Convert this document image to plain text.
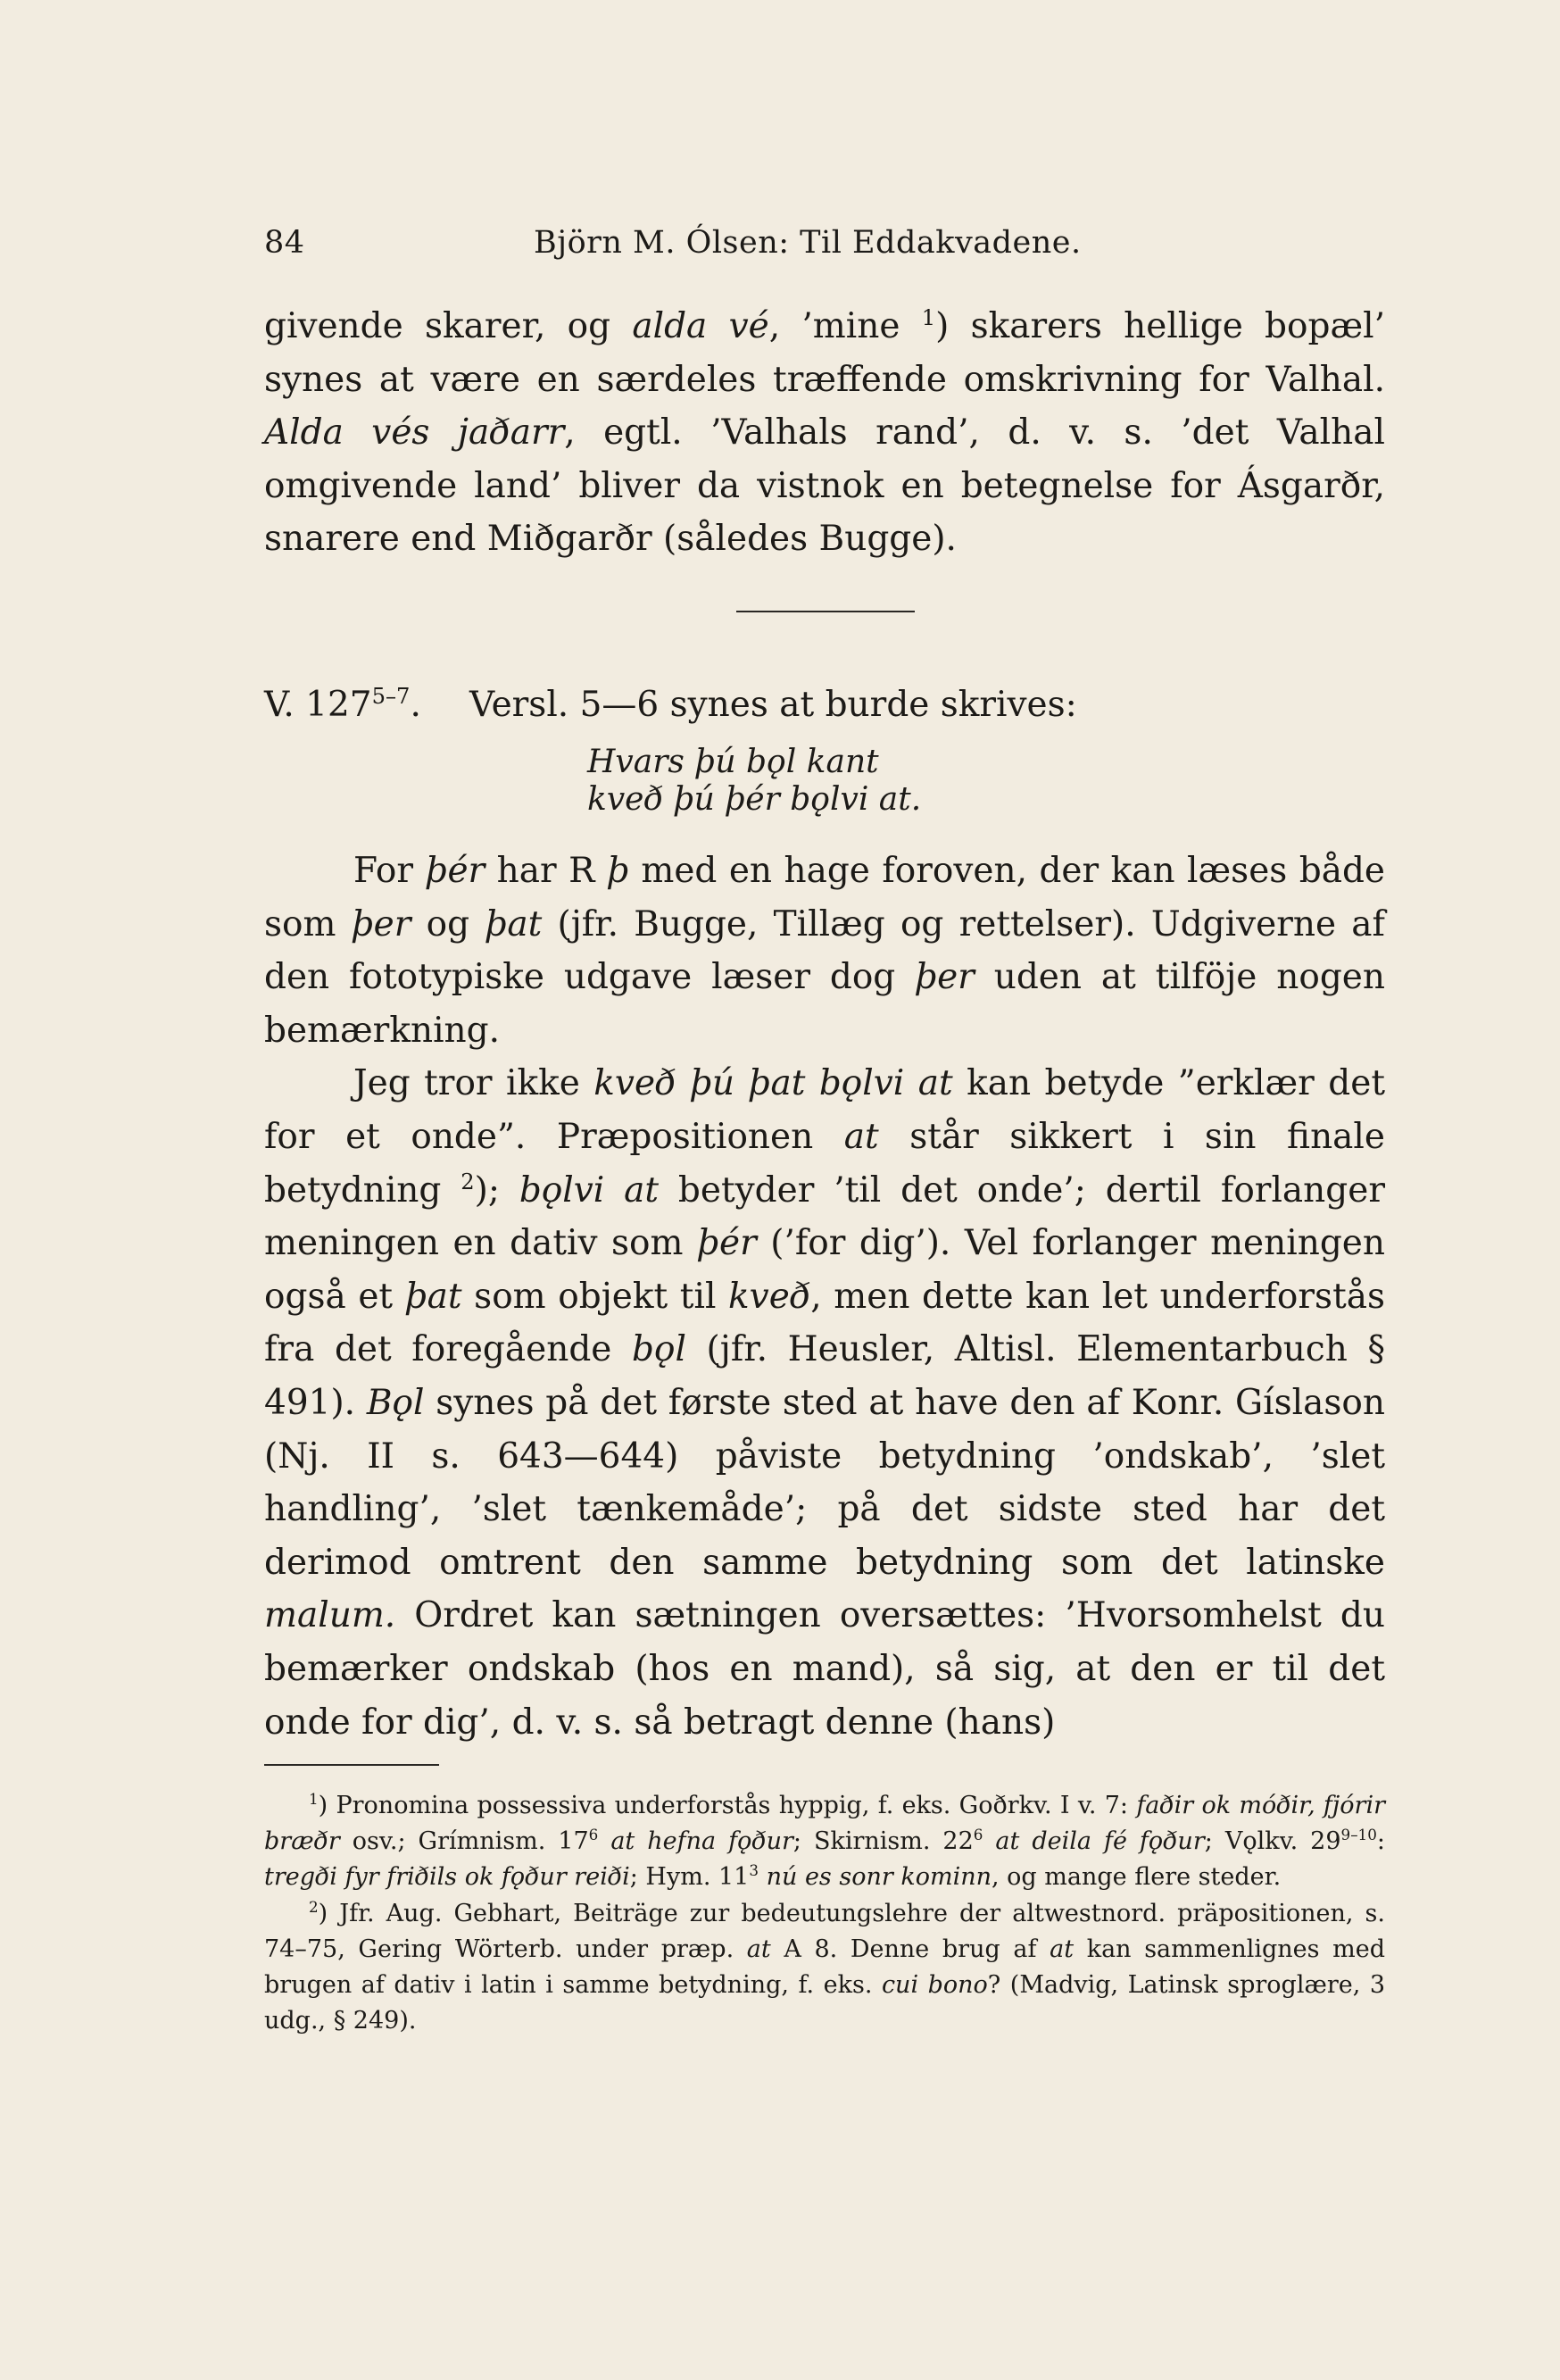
84	Björn M. Ólsen: Til Eddakvadene.

givende skarer, og alda vé, ’mine $^1$) skarers hellige bopæl’ synes at være en særdeles træffende omskrivning for Valhal. Alda vés jaðarr, egtl. ’Valhals rand’, d. v. s. ’det Valhal omgivende land’ bliver da vistnok en betegnelse for Ásgarðr, snarere end Miðgarðr (således Bugge).

V. 127$^{5-7}$. Versl. 5—6 synes at burde skrives:
Hvars þú bǫl kant
kveð þú þér bǫlvi at.

For þér har R þ med en hage foroven, der kan læses både som þer og þat (jfr. Bugge, Tillæg og rettelser). Udgiverne af den fototypiske udgave læser dog þer uden at tilföje nogen bemærkning.

Jeg tror ikke kveð þú þat bǫlvi at kan betyde ”erklær det for et onde”. Præpositionen at står sikkert i sin finale betydning $^2$); bǫlvi at betyder ’til det onde’; dertil forlanger meningen en dativ som þér (’for dig’). Vel forlanger meningen også et þat som objekt til kveð, men dette kan let underforstås fra det foregående bǫl (jfr. Heusler, Altisl. Elementarbuch § 491). Bǫl synes på det første sted at have den af Konr. Gíslason (Nj. II s. 643—644) påviste betydning ’ondskab’, ’slet handling’, ’slet tænkemåde’; på det sidste sted har det derimod omtrent den samme betydning som det latinske malum. Ordret kan sætningen oversættes: ’Hvorsomhelst du bemærker ondskab (hos en mand), så sig, at den er til det onde for dig’, d. v. s. så betragt denne (hans)

$^1$) Pronomina possessiva underforstås hyppig, f. eks. Goðrkv. I v. 7: faðir ok móðir, fjórir bræðr osv.; Grímnism. $17^6$ at hefna fǫður; Skirnism. $22^6$ at deila fé fǫður; Vǫlkv. 29$^{9-10}$: tregði fyr friðils ok fǫður reiði; Hym. $11^3$ nú es sonr kominn, og mange flere steder.

$^2$) Jfr. Aug. Gebhart, Beiträge zur bedeutungslehre der altwestnord. präpositionen, s. 74–75, Gering Wörterb. under præp. at A 8. Denne brug af at kan sammenlignes med brugen af dativ i latin i samme betydning, f. eks. cui bono? (Madvig, Latinsk sproglære, 3 udg., § 249).
